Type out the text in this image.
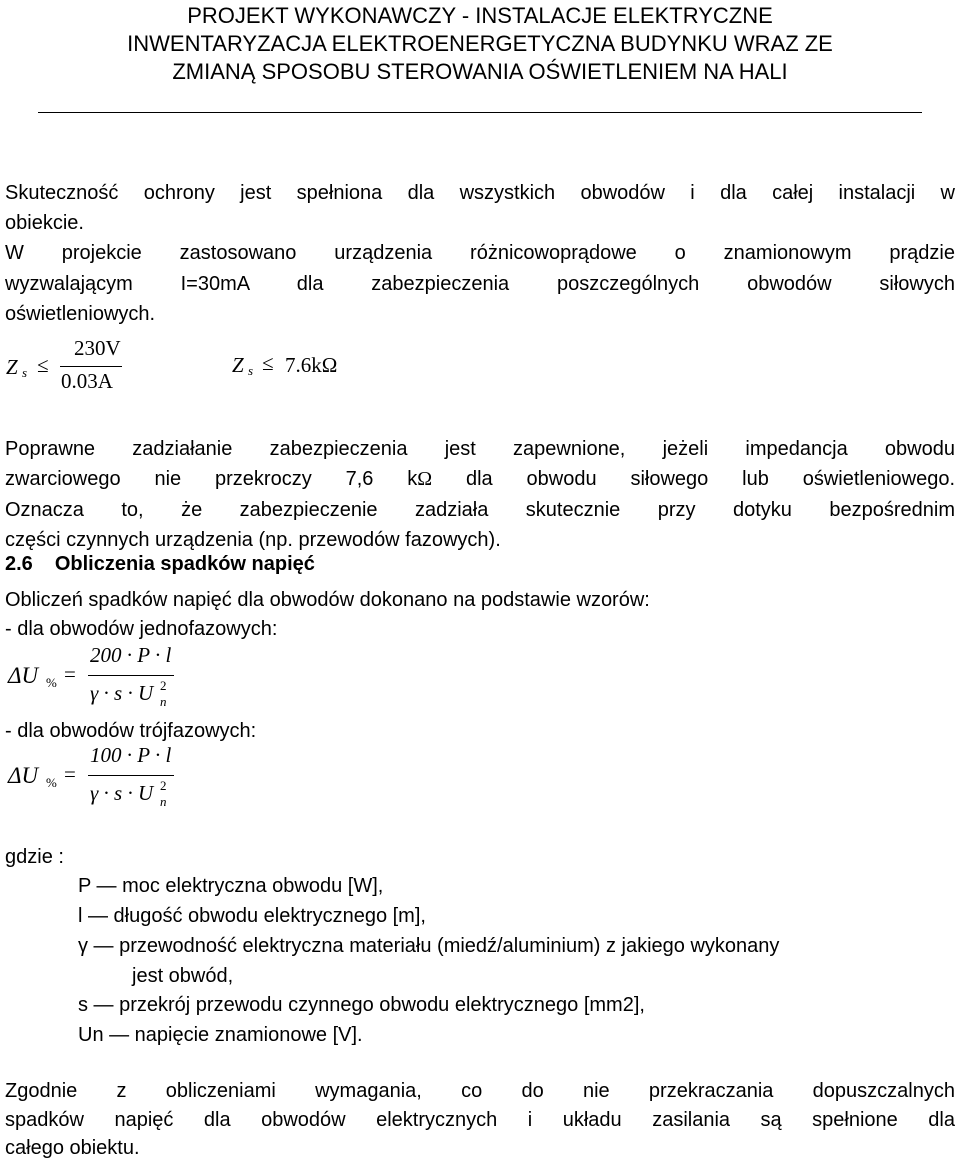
PROJEKT WYKONAWCZY - INSTALACJE ELEKTRYCZNE
INWENTARYZACJA ELEKTROENERGETYCZNA BUDYNKU WRAZ ZE
ZMIANĄ SPOSOBU STEROWANIA OŚWIETLENIEM NA HALI
Skuteczność ochrony jest spełniona dla wszystkich obwodów i dla całej instalacji w
obiekcie.
W projekcie zastosowano urządzenia różnicowoprądowe o znamionowym prądzie
wyzwalającym I=30mA dla zabezpieczenia poszczególnych obwodów siłowych
oświetleniowych.
Z s ≤
230V
0.03A
Z s ≤ 7.6kΩ
Poprawne zadziałanie zabezpieczenia jest zapewnione, jeżeli impedancja obwodu
zwarciowego nie przekroczy 7,6 kΩ dla obwodu siłowego lub oświetleniowego.
Oznacza to, że zabezpieczenie zadziała skutecznie przy dotyku bezpośrednim
części czynnych urządzenia (np. przewodów fazowych).
2.6 Obliczenia spadków napięć
Obliczeń spadków napięć dla obwodów dokonano na podstawie wzorów:
- dla obwodów jednofazowych:
ΔU % =
200 · P · l
γ · s · U 2
n
- dla obwodów trójfazowych:
ΔU % =
100 · P · l
γ · s · U 2
n
gdzie :
P — moc elektryczna obwodu [W],
l — długość obwodu elektrycznego [m],
γ — przewodność elektryczna materiału (miedź/aluminium) z jakiego wykonany
jest obwód,
s — przekrój przewodu czynnego obwodu elektrycznego [mm2],
Un — napięcie znamionowe [V].
Zgodnie z obliczeniami wymagania, co do nie przekraczania dopuszczalnych
spadków napięć dla obwodów elektrycznych i układu zasilania są spełnione dla
całego obiektu.
